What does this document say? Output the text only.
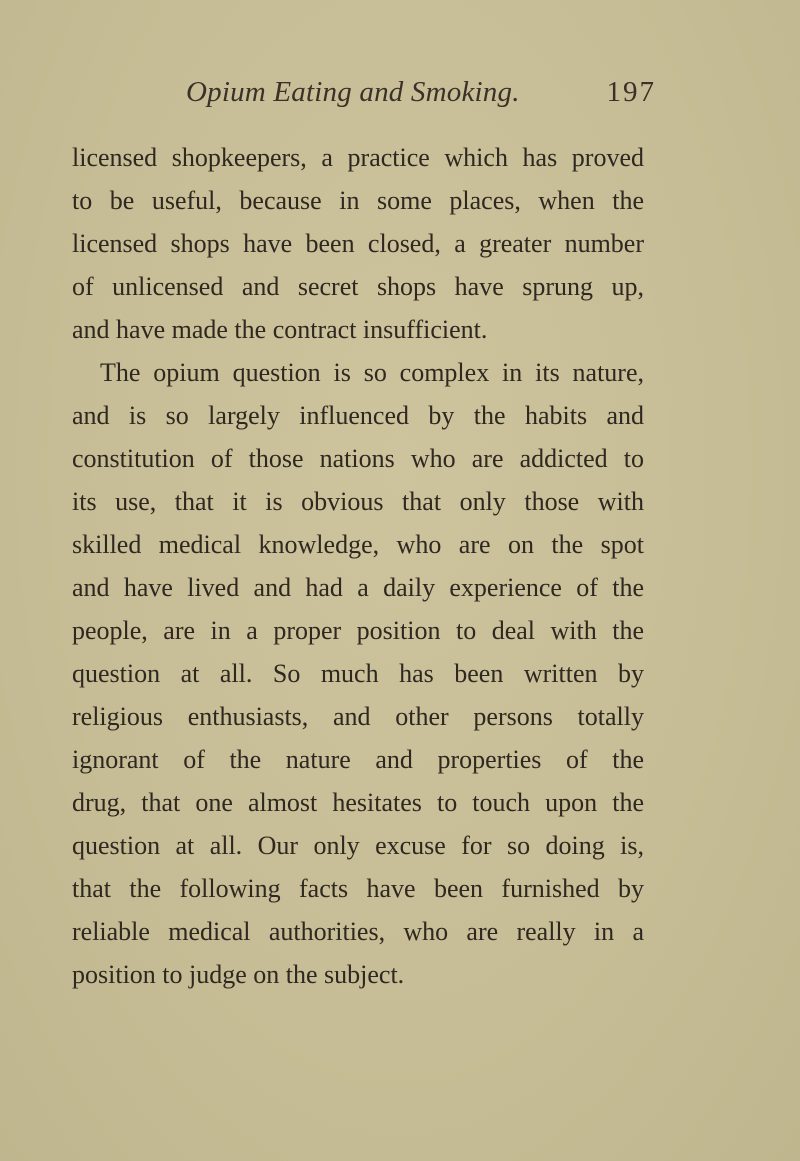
Opium Eating and Smoking.	197
licensed shopkeepers, a practice which has proved
to be useful, because in some places, when the
licensed shops have been closed, a greater number
of unlicensed and secret shops have sprung up,
and have made the contract insufficient.
The opium question is so complex in its nature,
and is so largely influenced by the habits and
constitution of those nations who are addicted to
its use, that it is obvious that only those with
skilled medical knowledge, who are on the spot
and have lived and had a daily experience of the
people, are in a proper position to deal with the
question at all. So much has been written by
religious enthusiasts, and other persons totally
ignorant of the nature and properties of the
drug, that one almost hesitates to touch upon the
question at all. Our only excuse for so doing is,
that the following facts have been furnished by
reliable medical authorities, who are really in a
position to judge on the subject.
